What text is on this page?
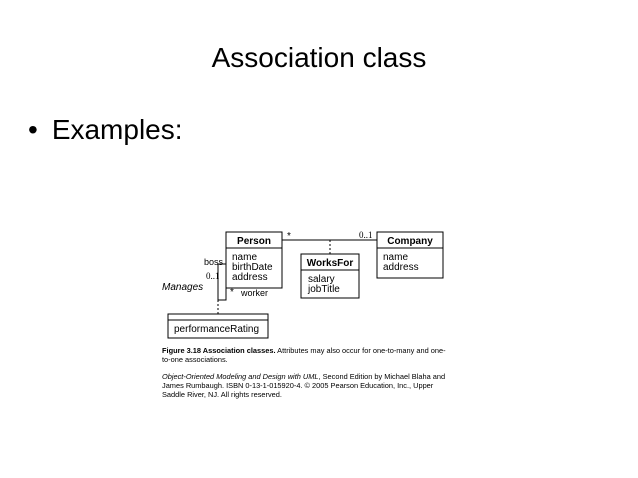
Association class
• Examples:
Person
name
birthDate
address
Company
name
address
*	0..1
WorksFor
salary
jobTitle
boss
0..1
* worker
Manages
performanceRating
Figure 3.18 Association classes. Attributes may also occur for one-to-many and one-to-one associations.
Object-Oriented Modeling and Design with UML, Second Edition by Michael Blaha and James Rumbaugh. ISBN 0-13-1-015920-4. © 2005 Pearson Education, Inc., Upper Saddle River, NJ. All rights reserved.
